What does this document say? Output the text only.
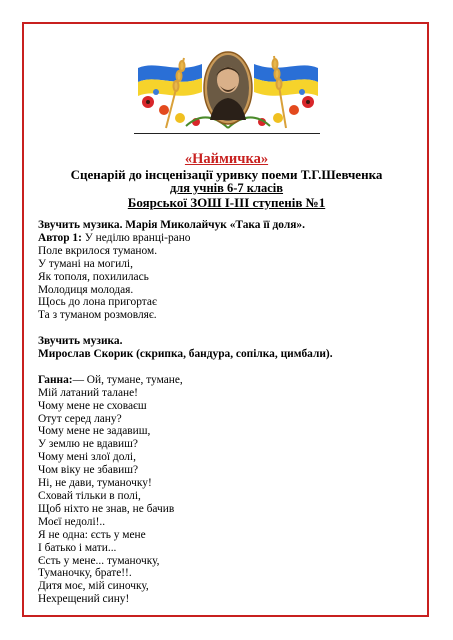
«Наймичка»
Сценарій до інсценізації уривку поеми Т.Г.Шевченка
для учнів 6-7 класів
Боярської ЗОШ І-ІІІ ступенів №1
Звучить музика. Марія Миколайчук «Така її доля».
Автор 1: У неділю вранці-рано
Поле вкрилося туманом.
У тумані на могилі,
Як тополя, похилилась
Молодиця молодая.
Щось до лона пригортає
Та з туманом розмовляє.
Звучить музика.
Мирослав Скорик (скрипка, бандура, сопілка, цимбали).
Ганна:— Ой, тумане, тумане,
Мій латаний талане!
Чому мене не сховаєш
Отут серед лану?
Чому мене не задавиш,
У землю не вдавиш?
Чому мені злої долі,
Чом віку не збавиш?
Ні, не дави, туманочку!
Сховай тільки в полі,
Щоб ніхто не знав, не бачив
Моєї недолі!..
Я не одна: єсть у мене
І батько і мати...
Єсть у мене... туманочку,
Туманочку, брате!!.
Дитя моє, мій синочку,
Нехрещений сину!
